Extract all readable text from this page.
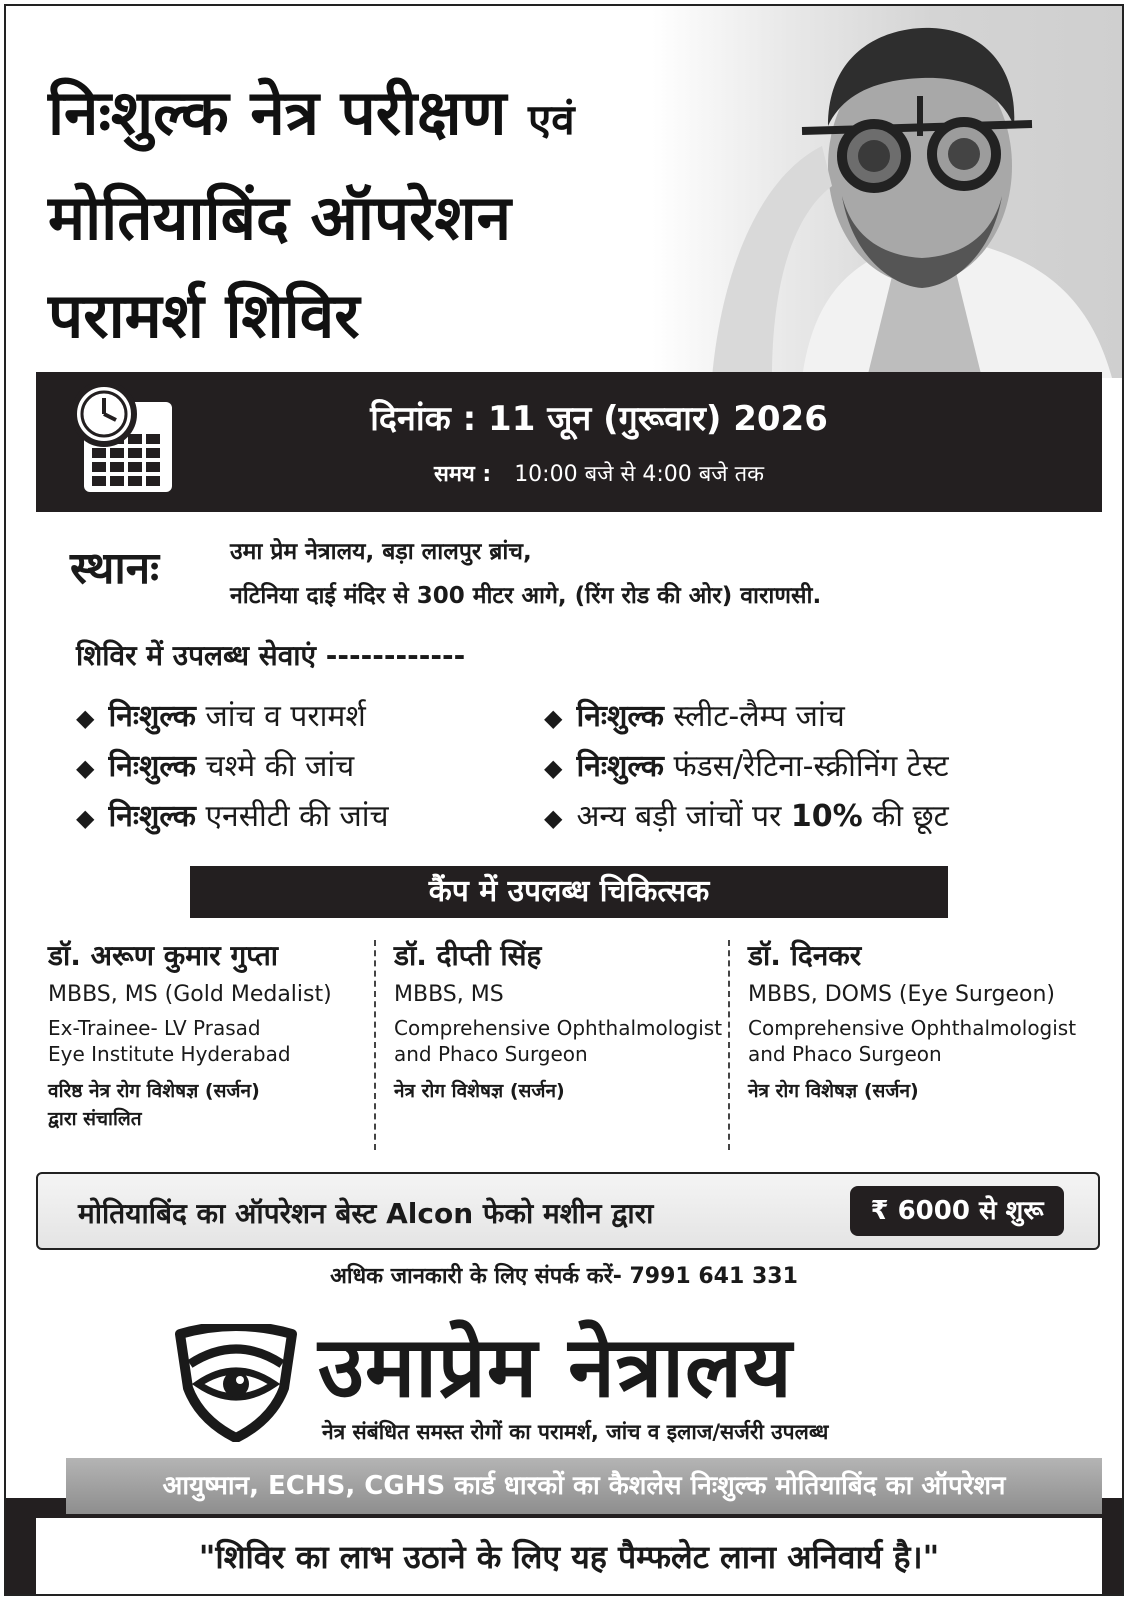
निःशुल्क नेत्र परीक्षण एवं
मोतियाबिंद ऑपरेशन
परामर्श शिविर
दिनांक : 11 जून (गुरूवार) 2026
समय : 10:00 बजे से 4:00 बजे तक
स्थानः	उमा प्रेम नेत्रालय, बड़ा लालपुर ब्रांच,
नटिनिया दाई मंदिर से 300 मीटर आगे, (रिंग रोड की ओर) वाराणसी.
शिविर में उपलब्ध सेवाएं ------------
◆ निःशुल्क जांच व परामर्श
◆ निःशुल्क चश्मे की जांच
◆ निःशुल्क एनसीटी की जांच
◆ निःशुल्क स्लीट-लैम्प जांच
◆ निःशुल्क फंडस/रेटिना-स्क्रीनिंग टेस्ट
◆ अन्य बड़ी जांचों पर 10% की छूट
कैंप में उपलब्ध चिकित्सक
डॉ. अरूण कुमार गुप्ता
MBBS, MS (Gold Medalist)
Ex-Trainee- LV Prasad
Eye Institute Hyderabad
वरिष्ठ नेत्र रोग विशेषज्ञ (सर्जन)
द्वारा संचालित
डॉ. दीप्ती सिंह
MBBS, MS
Comprehensive Ophthalmologist
and Phaco Surgeon
नेत्र रोग विशेषज्ञ (सर्जन)
डॉ. दिनकर
MBBS, DOMS (Eye Surgeon)
Comprehensive Ophthalmologist
and Phaco Surgeon
नेत्र रोग विशेषज्ञ (सर्जन)
मोतियाबिंद का ऑपरेशन बेस्ट Alcon फेको मशीन द्वारा	₹ 6000 से शुरू
अधिक जानकारी के लिए संपर्क करें- 7991 641 331
उमाप्रेम नेत्रालय
नेत्र संबंधित समस्त रोगों का परामर्श, जांच व इलाज/सर्जरी उपलब्ध
आयुष्मान, ECHS, CGHS कार्ड धारकों का कैशलेस निःशुल्क मोतियाबिंद का ऑपरेशन
"शिविर का लाभ उठाने के लिए यह पैम्फलेट लाना अनिवार्य है।"
